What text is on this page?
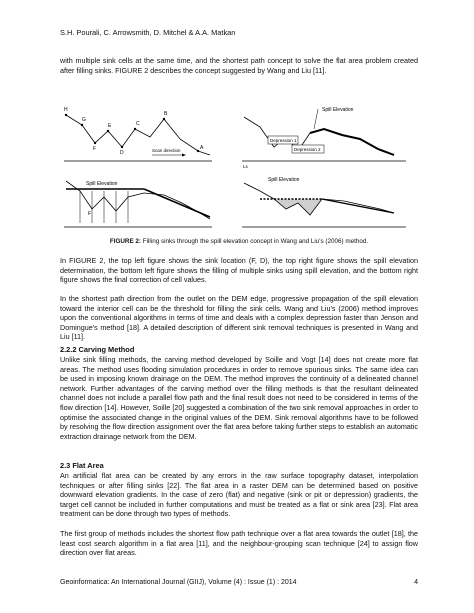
S.H. Pourali, C. Arrowsmith, D. Mitchel & A.A. Matkan

with multiple sink cells at the same time, and the shortest path concept to solve the flat area problem created after filling sinks. FIGURE 2 describes the concept suggested by Wang and Liu [11].

H
G
F
E
D
C
B
A
Scan direction
Depression 1
Depression 2
Spill Elevation
Ls
Spill Elevation
F
Spill Elevation
FIGURE 2: Filling sinks through the spill elevation concept in Wang and Liu's (2006) method.

In FIGURE 2, the top left figure shows the sink location (F, D), the top right figure shows the spill elevation determination, the bottom left figure shows the filling of multiple sinks using spill elevation, and the bottom right figure shows the final correction of cell values.

In the shortest path direction from the outlet on the DEM edge, progressive propagation of the spill elevation toward the interior cell can be the threshold for filling the sink cells. Wang and Liu's (2006) method improves upon the conventional algorithms in terms of time and deals with a complex depression faster than Jenson and Domingue's method [18]. A detailed description of different sink removal techniques is presented in Wang and Liu [11].

2.2.2 Carving Method

Unlike sink filling methods, the carving method developed by Soille and Vogt [14] does not create more flat areas. The method uses flooding simulation procedures in order to remove spurious sinks. The same idea can be used in imposing known drainage on the DEM. The method improves the continuity of a delineated channel network. Further advantages of the carving method over the filling methods is that the resultant delineated channel does not include a parallel flow path and the final result does not need to be considered in terms of the flow direction [14]. However, Soille [20] suggested a combination of the two sink removal approaches in order to optimise the associated change in the original values of the DEM. Sink removal algorithms have to be followed by resolving the flow direction assignment over the flat area before taking further steps to establish an automatic extraction drainage network from the DEM.

2.3 Flat Area

An artificial flat area can be created by any errors in the raw surface topography dataset, interpolation techniques or after filling sinks [22]. The flat area in a raster DEM can be determined based on positive downward elevation gradients. In the case of zero (flat) and negative (sink or pit or depression) gradients, the target cell cannot be included in further computations and must be treated as a flat or sink area [23]. Flat area treatment can be done through two types of methods.

The first group of methods includes the shortest flow path technique over a flat area towards the outlet [18], the least cost search algorithm in a flat area [11], and the neighbour-grouping scan technique [24] to assign flow direction over flat areas.

Geoinformatica: An International Journal (GIIJ), Volume (4) : Issue (1) : 2014	4
